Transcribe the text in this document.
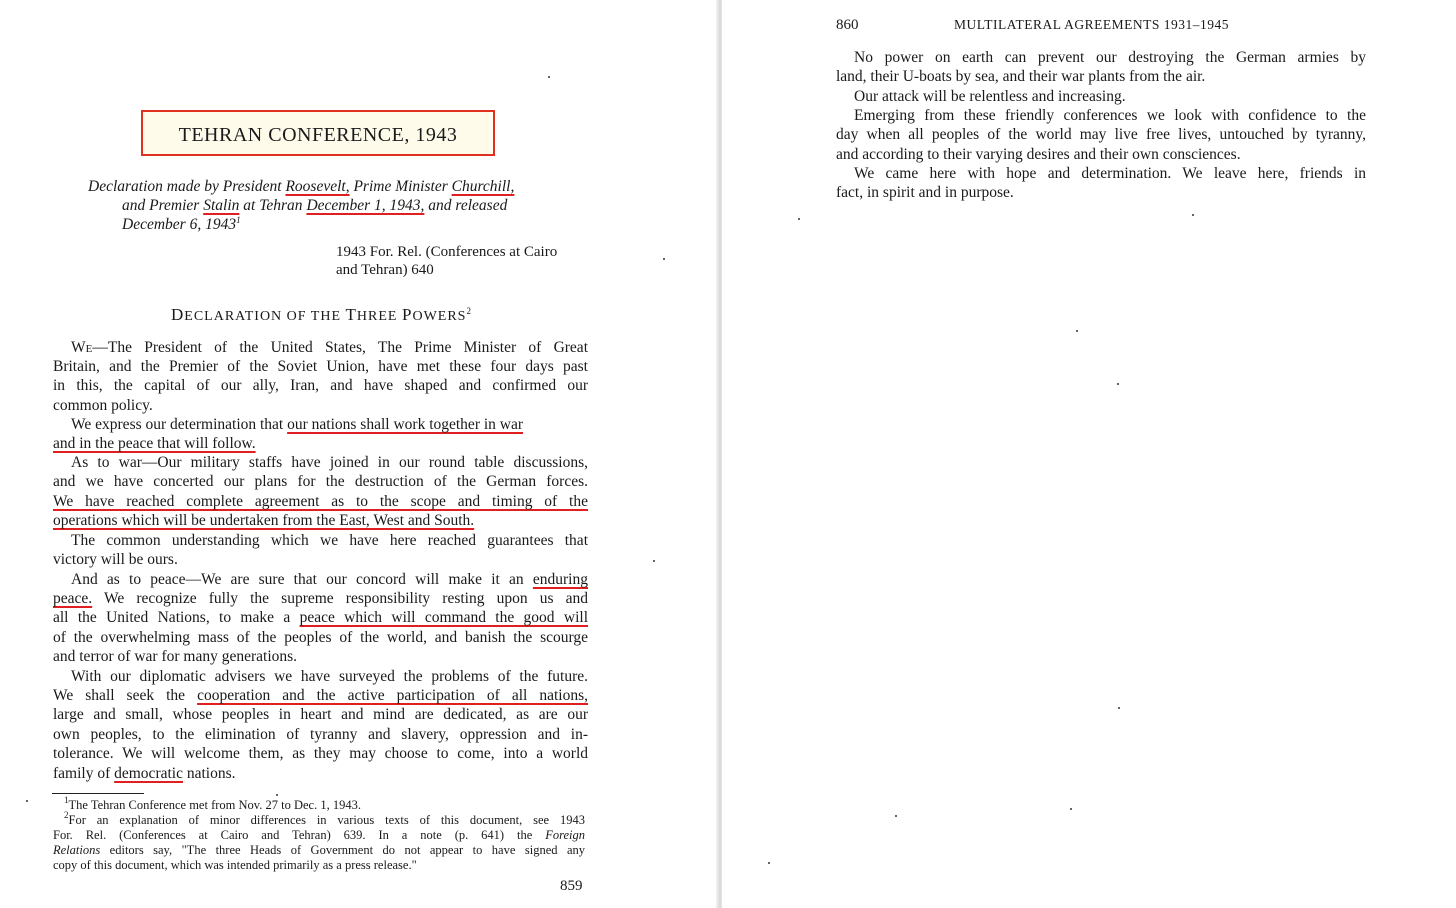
TEHRAN CONFERENCE, 1943
Declaration made by President Roosevelt, Prime Minister Churchill,
and Premier Stalin at Tehran December 1, 1943, and released
December 6, 1943$^1$
1943 For. Rel. (Conferences at Cairo
and Tehran) 640
DECLARATION OF THE THREE POWERS$^2$
We—The President of the United States, The Prime Minister of Great
Britain, and the Premier of the Soviet Union, have met these four days past
in this, the capital of our ally, Iran, and have shaped and confirmed our
common policy.
We express our determination that our nations shall work together in war
and in the peace that will follow.
As to war—Our military staffs have joined in our round table discussions,
and we have concerted our plans for the destruction of the German forces.
We have reached complete agreement as to the scope and timing of the
operations which will be undertaken from the East, West and South.
The common understanding which we have here reached guarantees that
victory will be ours.
And as to peace—We are sure that our concord will make it an enduring
peace. We recognize fully the supreme responsibility resting upon us and
all the United Nations, to make a peace which will command the good will
of the overwhelming mass of the peoples of the world, and banish the scourge
and terror of war for many generations.
With our diplomatic advisers we have surveyed the problems of the future.
We shall seek the cooperation and the active participation of all nations,
large and small, whose peoples in heart and mind are dedicated, as are our
own peoples, to the elimination of tyranny and slavery, oppression and in-
tolerance. We will welcome them, as they may choose to come, into a world
family of democratic nations.
$^1$The Tehran Conference met from Nov. 27 to Dec. 1, 1943.
$^2$For an explanation of minor differences in various texts of this document, see 1943
For. Rel. (Conferences at Cairo and Tehran) 639. In a note (p. 641) the Foreign
Relations editors say, "The three Heads of Government do not appear to have signed any
copy of this document, which was intended primarily as a press release."
859
860	MULTILATERAL AGREEMENTS 1931–1945
No power on earth can prevent our destroying the German armies by
land, their U-boats by sea, and their war plants from the air.
Our attack will be relentless and increasing.
Emerging from these friendly conferences we look with confidence to the
day when all peoples of the world may live free lives, untouched by tyranny,
and according to their varying desires and their own consciences.
We came here with hope and determination. We leave here, friends in
fact, in spirit and in purpose.
